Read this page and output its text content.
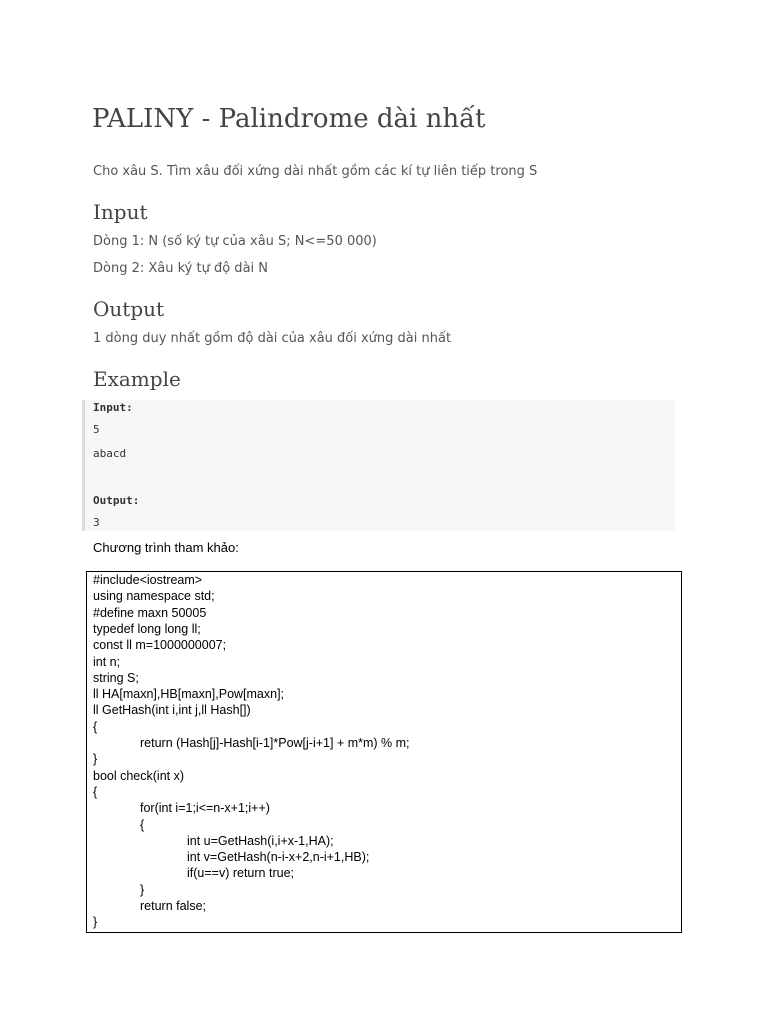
PALINY - Palindrome dài nhất

Cho xâu S. Tìm xâu đối xứng dài nhất gồm các kí tự liên tiếp trong S

Input

Dòng 1: N (số ký tự của xâu S; N<=50 000)

Dòng 2: Xâu ký tự độ dài N

Output

1 dòng duy nhất gồm độ dài của xâu đối xứng dài nhất

Example

Input:

5

abacd

Output:

3

Chương trình tham khảo:

#include<iostream>

using namespace std;

#define maxn 50005

typedef long long ll;

const ll m=1000000007;

int n;

string S;

ll HA[maxn],HB[maxn],Pow[maxn];

ll GetHash(int i,int j,ll Hash[])

{

return (Hash[j]-Hash[i-1]*Pow[j-i+1] + m*m) % m;

}

bool check(int x)

{

for(int i=1;i<=n-x+1;i++)

{

int u=GetHash(i,i+x-1,HA);

int v=GetHash(n-i-x+2,n-i+1,HB);

if(u==v) return true;

}

return false;

}
